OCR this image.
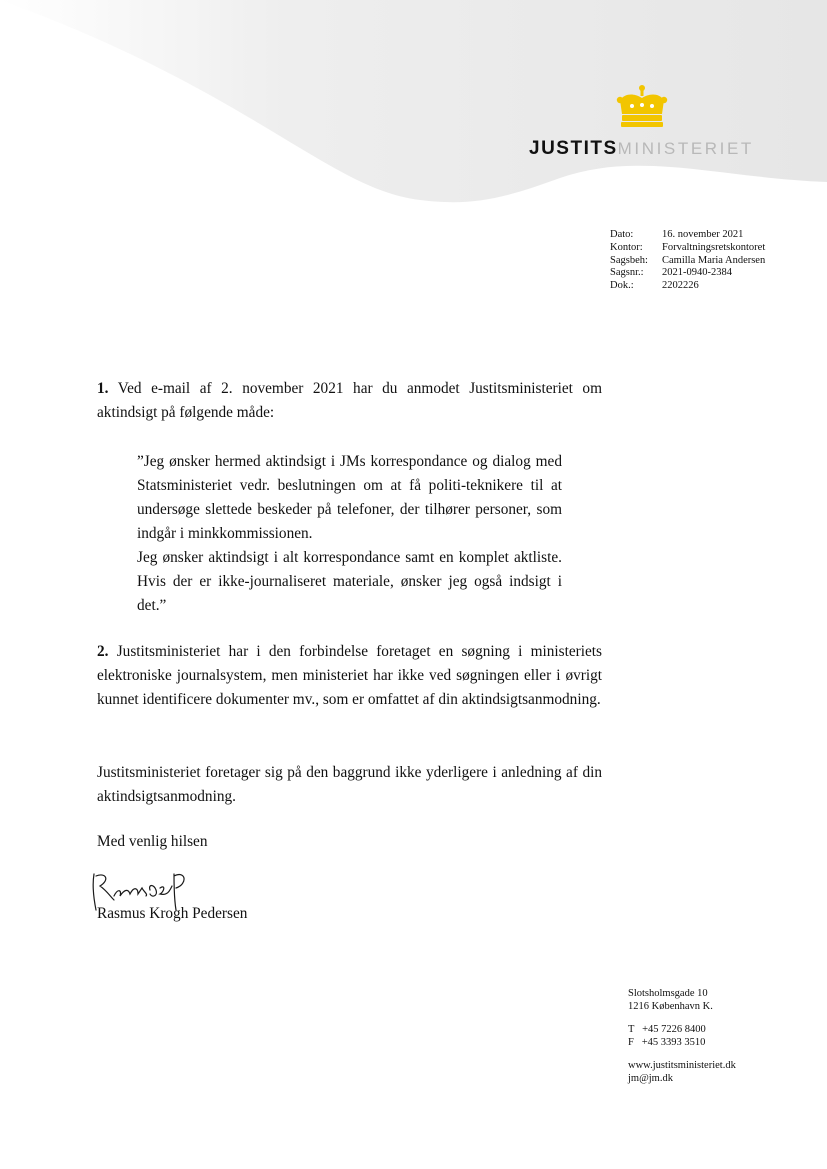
JUSTITSMINISTERIET
Dato:	16. november 2021
Kontor:	Forvaltningsretskontoret
Sagsbeh:	Camilla Maria Andersen
Sagsnr.:	2021-0940-2384
Dok.:	2202226
1. Ved e-mail af 2. november 2021 har du anmodet Justitsministeriet om aktindsigt på følgende måde:
”Jeg ønsker hermed aktindsigt i JMs korrespondance og dialog med Statsministeriet vedr. beslutningen om at få politi-teknikere til at undersøge slettede beskeder på telefoner, der tilhører personer, som indgår i minkkommissionen.
Jeg ønsker aktindsigt i alt korrespondance samt en komplet aktliste. Hvis der er ikke-journaliseret materiale, ønsker jeg også indsigt i det.”
2. Justitsministeriet har i den forbindelse foretaget en søgning i ministeriets elektroniske journalsystem, men ministeriet har ikke ved søgningen eller i øvrigt kunnet identificere dokumenter mv., som er omfattet af din aktindsigtsanmodning.
Justitsministeriet foretager sig på den baggrund ikke yderligere i anledning af din aktindsigtsanmodning.
Med venlig hilsen
Rasmus Krogh Pedersen
Slotsholmsgade 10
1216 København K.
T   +45 7226 8400
F   +45 3393 3510
www.justitsministeriet.dk
jm@jm.dk
